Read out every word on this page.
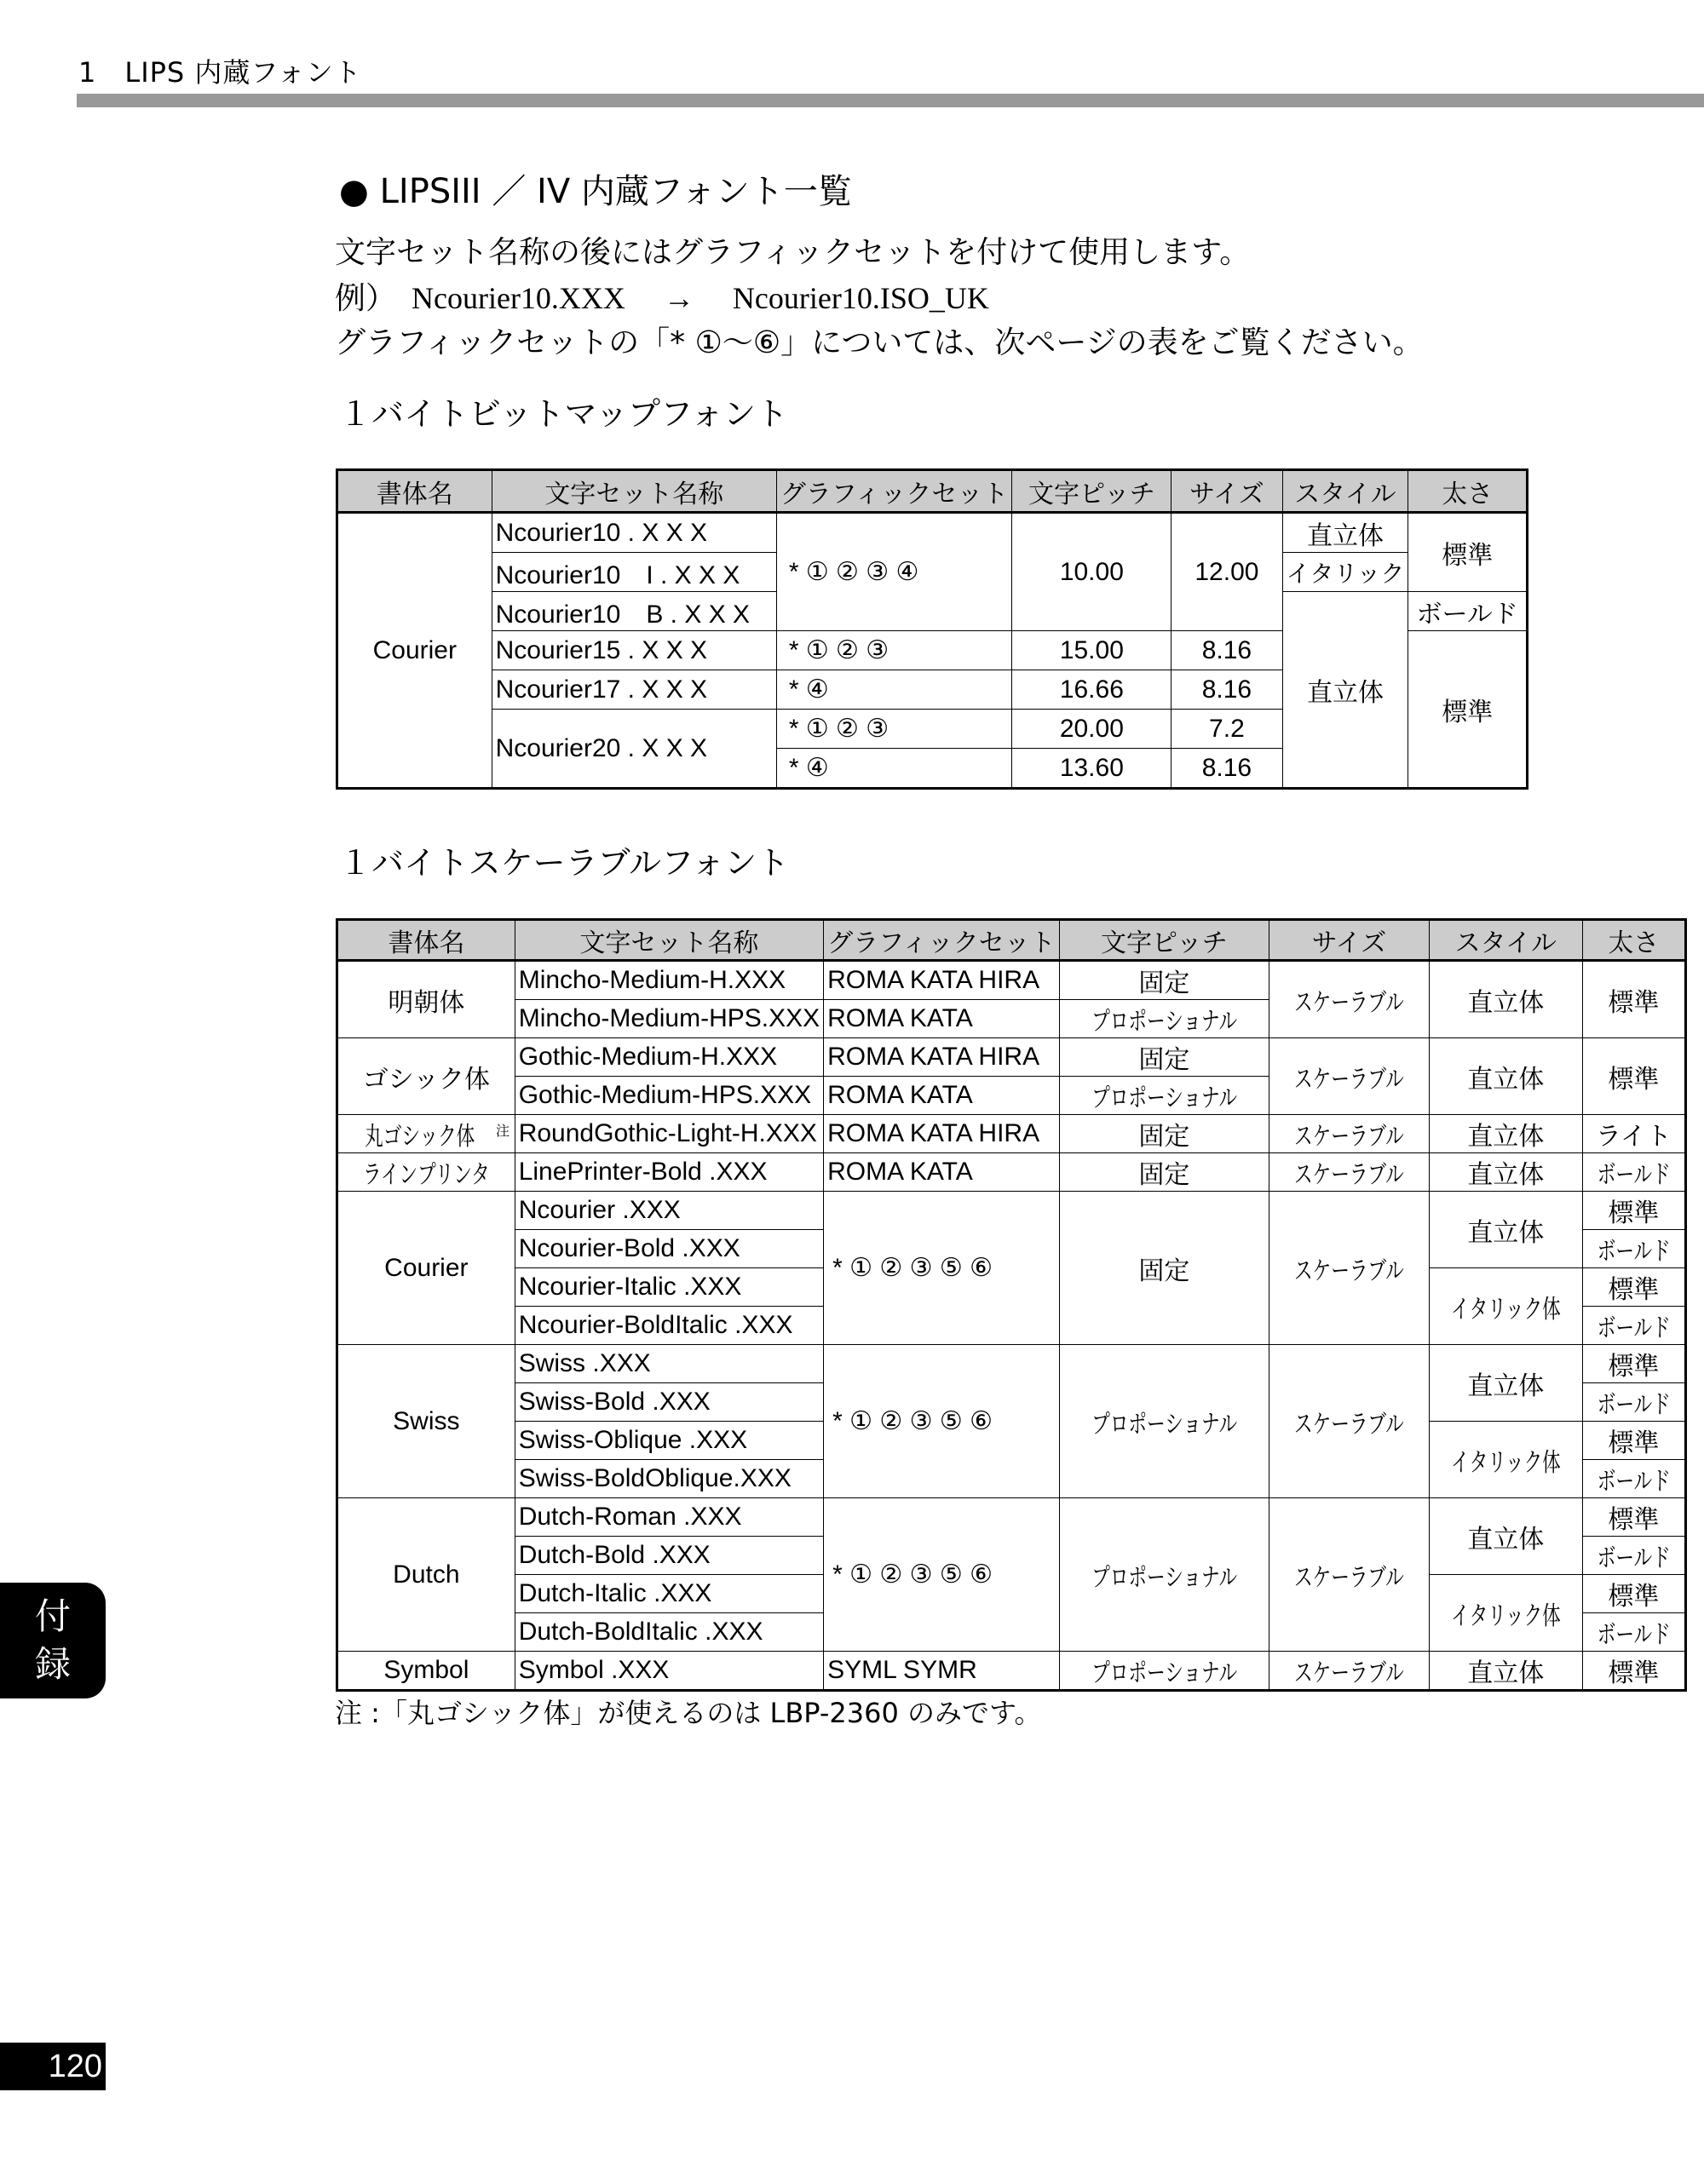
1　LIPS 内蔵フォント
● LIPSIII ／ IV 内蔵フォント一覧
文字セット名称の後にはグラフィックセットを付けて使用します。
例）　Ncourier10.XXX　 →　 Ncourier10.ISO_UK
グラフィックセットの「* ①～⑥」については、次ページの表をご覧ください。
１バイトビットマップフォント
書体名	文字セット名称	グラフィックセット	文字ピッチ	サイズ	スタイル	太さ
Courier	Ncourier10 . X X X	* ① ② ③ ④	10.00	12.00	直立体	標準
	Ncourier10　I . X X X				イタリック	
	Ncourier10　B . X X X				直立体	ボールド
	Ncourier15 . X X X	* ① ② ③	15.00	8.16		標準
	Ncourier17 . X X X	* ④	16.66	8.16		
	Ncourier20 . X X X	* ① ② ③	20.00	7.2		
		* ④	13.60	8.16		
１バイトスケーラブルフォント
書体名	文字セット名称	グラフィックセット	文字ピッチ	サイズ	スタイル	太さ
明朝体	Mincho-Medium-H.XXX	ROMA KATA HIRA	固定	スケーラブル	直立体	標準
	Mincho-Medium-HPS.XXX	ROMA KATA	プロポーショナル			
ゴシック体	Gothic-Medium-H.XXX	ROMA KATA HIRA	固定	スケーラブル	直立体	標準
	Gothic-Medium-HPS.XXX	ROMA KATA	プロポーショナル			
丸ゴシック体 $^注$	RoundGothic-Light-H.XXX	ROMA KATA HIRA	固定	スケーラブル	直立体	ライト
ラインプリンタ	LinePrinter-Bold .XXX	ROMA KATA	固定	スケーラブル	直立体	ボールド
Courier	Ncourier .XXX	* ① ② ③ ⑤ ⑥	固定	スケーラブル	直立体	標準
	Ncourier-Bold .XXX					ボールド
	Ncourier-Italic .XXX				イタリック体	標準
	Ncourier-BoldItalic .XXX					ボールド
Swiss	Swiss .XXX	* ① ② ③ ⑤ ⑥	プロポーショナル	スケーラブル	直立体	標準
	Swiss-Bold .XXX					ボールド
	Swiss-Oblique .XXX				イタリック体	標準
	Swiss-BoldOblique.XXX					ボールド
Dutch	Dutch-Roman .XXX	* ① ② ③ ⑤ ⑥	プロポーショナル	スケーラブル	直立体	標準
	Dutch-Bold .XXX					ボールド
	Dutch-Italic .XXX				イタリック体	標準
	Dutch-BoldItalic .XXX					ボールド
Symbol	Symbol .XXX	SYML SYMR	プロポーショナル	スケーラブル	直立体	標準
注 :「丸ゴシック体」が使えるのは LBP-2360 のみです。
付
録
120
